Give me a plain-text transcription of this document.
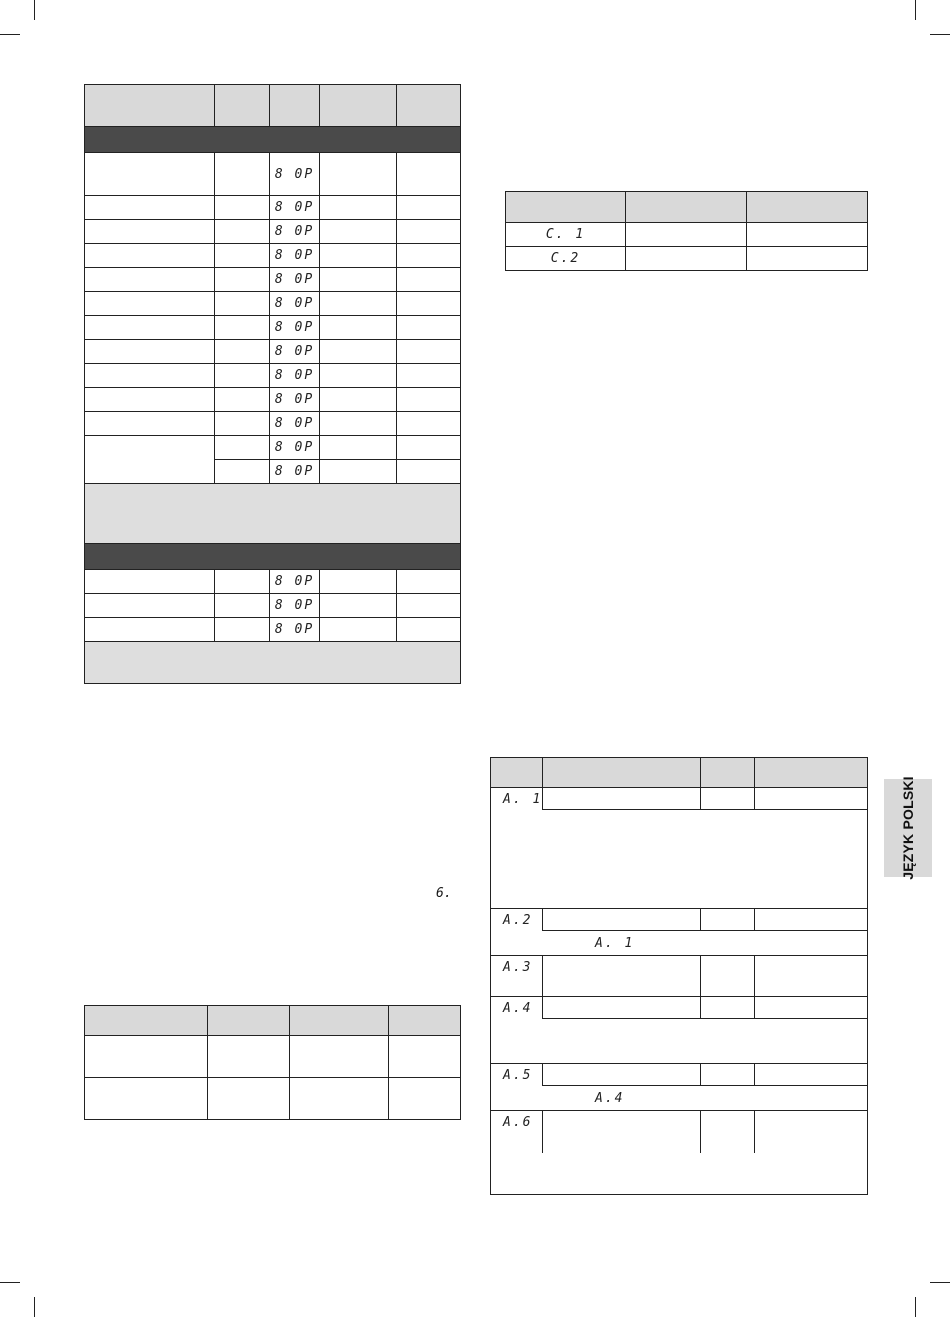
		8 0P		
		8 0P		
		8 0P		
		8 0P		
		8 0P		
		8 0P		
		8 0P		
		8 0P		
		8 0P		
		8 0P		
		8 0P		
		8 0P		
		8 0P		

		8 0P		
		8 0P		
		8 0P		

C. 1		
C.2		

6.

A. 1			

A.2			
A. 1			
A.3			
A.4			

A.5			
A.4			
A.6			

JĘZYK POLSKI
